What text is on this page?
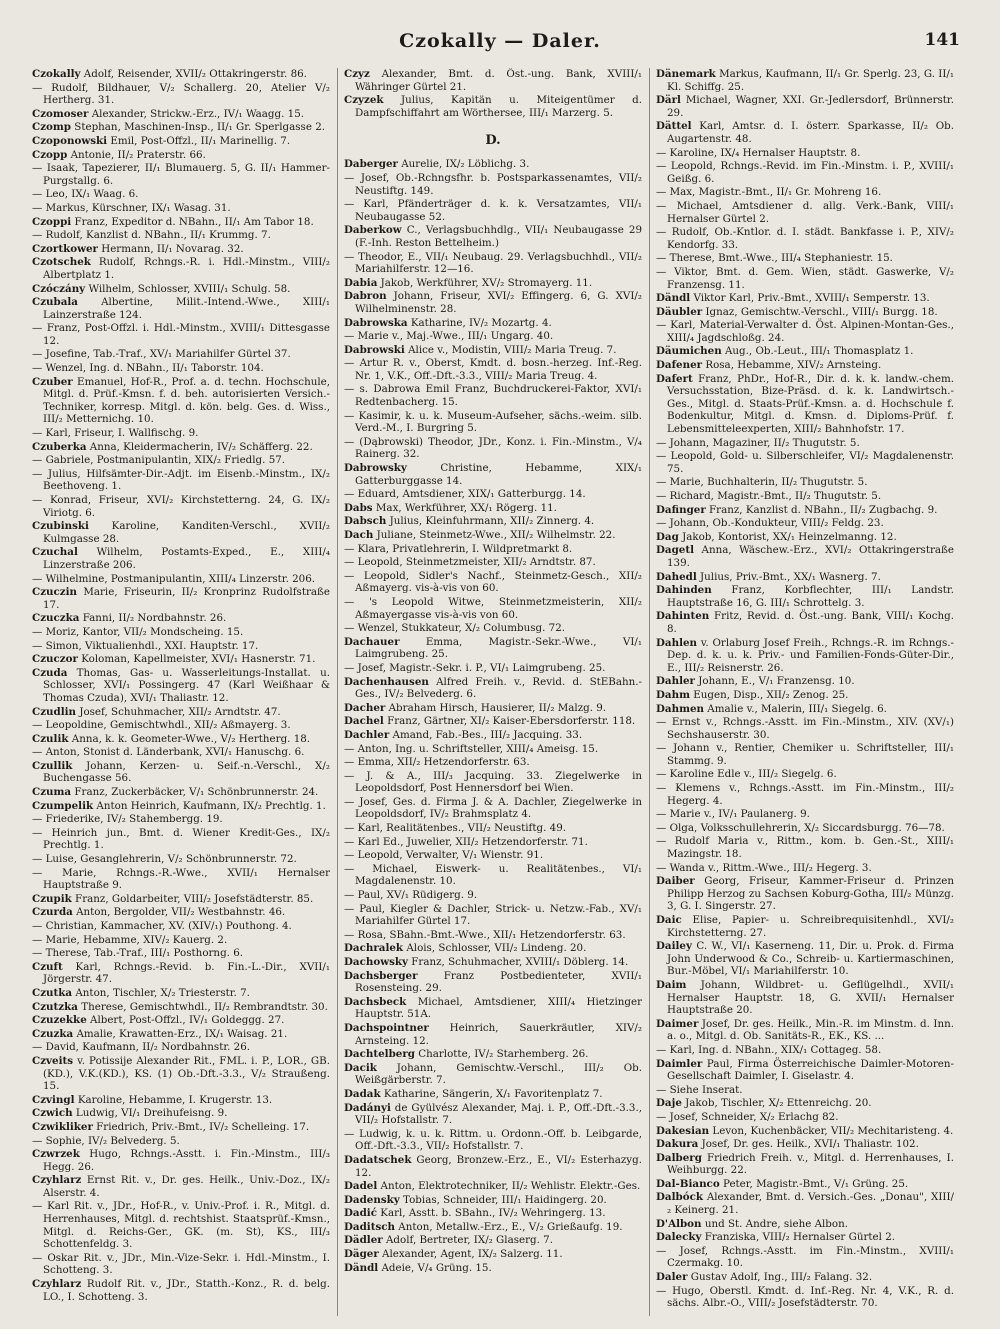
Czokally — Daler.	141
Czokally Adolf, Reisender, XVII/₂ Ottakringerstr. 86.
— Rudolf, Bildhauer, V/₂ Schallerg. 20, Atelier V/₂ Hertherg. 31.
Czomoser Alexander, Strickw.-Erz., IV/₁ Waagg. 15.
Czomp Stephan, Maschinen-Insp., II/₁ Gr. Sperlgasse 2.
Czoponowski Emil, Post-Offzl., II/₁ Marinellig. 7.
Czopp Antonie, II/₂ Praterstr. 66.
— Isaak, Tapezierer, II/₁ Blumauerg. 5, G. II/₁ Hammer-Purgstallg. 6.
— Leo, IX/₁ Waag. 6.
— Markus, Kürschner, IX/₁ Wasag. 31.
Czoppi Franz, Expeditor d. NBahn., II/₁ Am Tabor 18.
— Rudolf, Kanzlist d. NBahn., II/₁ Krummg. 7.
Czortkower Hermann, II/₁ Novarag. 32.
Czotschek Rudolf, Rchngs.-R. i. Hdl.-Minstm., VIII/₂ Albertplatz 1.
Czóczány Wilhelm, Schlosser, XVIII/₁ Schulg. 58.
Czubala Albertine, Milit.-Intend.-Wwe., XIII/₁ Lainzerstraße 124.
— Franz, Post-Offzl. i. Hdl.-Minstm., XVIII/₁ Dittesgasse 12.
— Josefine, Tab.-Traf., XV/₁ Mariahilfer Gürtel 37.
— Wenzel, Ing. d. NBahn., II/₁ Taborstr. 104.
Czuber Emanuel, Hof-R., Prof. a. d. techn. Hochschule, Mitgl. d. Prüf.-Kmsn. f. d. beh. autorisierten Versich.-Techniker, korresp. Mitgl. d. kön. belg. Ges. d. Wiss., III/₂ Metternichg. 10.
— Karl, Friseur, I. Wallfischg. 9.
Czuberka Anna, Kleidermacherin, IV/₂ Schäfferg. 22.
— Gabriele, Postmanipulantin, XIX/₂ Friedlg. 57.
— Julius, Hilfsämter-Dir.-Adjt. im Eisenb.-Minstm., IX/₂ Beethoveng. 1.
— Konrad, Friseur, XVI/₂ Kirchstetterng. 24, G. IX/₂ Viriotg. 6.
Czubinski Karoline, Kanditen-Verschl., XVII/₂ Kulmgasse 28.
Czuchal Wilhelm, Postamts-Exped., E., XIII/₄ Linzerstraße 206.
— Wilhelmine, Postmanipulantin, XIII/₄ Linzerstr. 206.
Czuczin Marie, Friseurin, II/₂ Kronprinz Rudolfstraße 17.
Czuczka Fanni, II/₂ Nordbahnstr. 26.
— Moriz, Kantor, VII/₂ Mondscheing. 15.
— Simon, Viktualienhdl., XXI. Hauptstr. 17.
Czuczor Koloman, Kapellmeister, XVI/₁ Hasnerstr. 71.
Czuda Thomas, Gas- u. Wasserleitungs-Installat. u. Schlosser, XVI/₁ Possingerg. 47 (Karl Weißhaar & Thomas Czuda), XVI/₁ Thaliastr. 12.
Czudlin Josef, Schuhmacher, XII/₂ Arndtstr. 47.
— Leopoldine, Gemischtwhdl., XII/₂ Aßmayerg. 3.
Czulik Anna, k. k. Geometer-Wwe., V/₂ Hertherg. 18.
— Anton, Stonist d. Länderbank, XVI/₁ Hanuschg. 6.
Czullik Johann, Kerzen- u. Seif.-n.-Verschl., X/₂ Buchengasse 56.
Czuma Franz, Zuckerbäcker, V/₁ Schönbrunnerstr. 24.
Czumpelik Anton Heinrich, Kaufmann, IX/₂ Prechtlg. 1.
— Friederike, IV/₂ Stahembergg. 19.
— Heinrich jun., Bmt. d. Wiener Kredit-Ges., IX/₂ Prechtlg. 1.
— Luise, Gesanglehrerin, V/₂ Schönbrunnerstr. 72.
— Marie, Rchngs.-R.-Wwe., XVII/₁ Hernalser Hauptstraße 9.
Czupik Franz, Goldarbeiter, VIII/₂ Josefstädterstr. 85.
Czurda Anton, Bergolder, VII/₂ Westbahnstr. 46.
— Christian, Kammacher, XV. (XIV/₁) Pouthong. 4.
— Marie, Hebamme, XIV/₂ Kauerg. 2.
— Therese, Tab.-Traf., III/₁ Posthorng. 6.
Czuft Karl, Rchngs.-Revid. b. Fin.-L.-Dir., XVII/₁ Jörgerstr. 47.
Czutka Anton, Tischler, X/₂ Triesterstr. 7.
Czutzka Therese, Gemischtwhdl., II/₂ Rembrandtstr. 30.
Czuzekke Albert, Post-Offzl., IV/₁ Goldeggg. 27.
Czuzka Amalie, Krawatten-Erz., IX/₁ Waisag. 21.
— David, Kaufmann, II/₂ Nordbahnstr. 26.
Czveits v. Potissije Alexander Rit., FML. i. P., LOR., GB.(KD.), V.K.(KD.), KS. (1) Ob.-Dft.-3.3., V/₂ Straußeng. 15.
Czvingl Karoline, Hebamme, I. Krugerstr. 13.
Czwich Ludwig, VI/₁ Dreihufeisng. 9.
Czwikliker Friedrich, Priv.-Bmt., IV/₂ Schelleing. 17.
— Sophie, IV/₂ Belvederg. 5.
Czwrzek Hugo, Rchngs.-Asstt. i. Fin.-Minstm., III/₃ Hegg. 26.
Czyhlarz Ernst Rit. v., Dr. ges. Heilk., Univ.-Doz., IX/₂ Alserstr. 4.
— Karl Rit. v., JDr., Hof-R., v. Univ.-Prof. i. R., Mitgl. d. Herrenhauses, Mitgl. d. rechtshist. Staatsprüf.-Kmsn., Mitgl. d. Reichs-Ger., GK. (m. St), KS., III/₃ Schottenfeldg. 3.
— Oskar Rit. v., JDr., Min.-Vize-Sekr. i. Hdl.-Minstm., I. Schotteng. 3.
Czyhlarz Rudolf Rit. v., JDr., Statth.-Konz., R. d. belg. LO., I. Schotteng. 3.
Czyz Alexander, Bmt. d. Öst.-ung. Bank, XVIII/₁ Währinger Gürtel 21.
Czyzek Julius, Kapitän u. Miteigentümer d. Dampfschiffahrt am Wörthersee, III/₁ Marzerg. 5.
D.
Daberger Aurelie, IX/₂ Löblichg. 3.
— Josef, Ob.-Rchngsfhr. b. Postsparkassenamtes, VII/₂ Neustiftg. 149.
— Karl, Pfänderträger d. k. k. Versatzamtes, VII/₁ Neubaugasse 52.
Daberkow C., Verlagsbuchhdlg., VII/₁ Neubaugasse 29 (F.-Inh. Reston Bettelheim.)
— Theodor, E., VII/₁ Neubaug. 29. Verlagsbuchhdl., VII/₂ Mariahilferstr. 12—16.
Dabia Jakob, Werkführer, XV/₂ Stromayerg. 11.
Dabron Johann, Friseur, XVI/₂ Effingerg. 6, G. XVI/₂ Wilhelminenstr. 28.
Dabrowska Katharine, IV/₂ Mozartg. 4.
— Marie v., Maj.-Wwe., III/₁ Ungarg. 40.
Dabrowski Alice v., Modistin, VIII/₂ Maria Treug. 7.
— Artur R. v., Oberst, Kmdt. d. bosn.-herzeg. Inf.-Reg. Nr. 1, V.K., Off.-Dft.-3.3., VIII/₂ Maria Treug. 4.
— s. Dabrowa Emil Franz, Buchdruckerei-Faktor, XVI/₁ Redtenbacherg. 15.
— Kasimir, k. u. k. Museum-Aufseher, sächs.-weim. silb. Verd.-M., I. Burgring 5.
— (Dąbrowski) Theodor, JDr., Konz. i. Fin.-Minstm., V/₄ Rainerg. 32.
Dabrowsky Christine, Hebamme, XIX/₁ Gatterburggasse 14.
— Eduard, Amtsdiener, XIX/₁ Gatterburgg. 14.
Dabs Max, Werkführer, XX/₁ Rögerg. 11.
Dabsch Julius, Kleinfuhrmann, XII/₂ Zinnerg. 4.
Dach Juliane, Steinmetz-Wwe., XII/₂ Wilhelmstr. 22.
— Klara, Privatlehrerin, I. Wildpretmarkt 8.
— Leopold, Steinmetzmeister, XII/₂ Arndtstr. 87.
— Leopold, Sidler's Nachf., Steinmetz-Gesch., XII/₂ Aßmayerg. vis-à-vis von 60.
— 's Leopold Witwe, Steinmetzmeisterin, XII/₂ Aßmayergasse vis-à-vis von 60.
— Wenzel, Stukkateur, X/₂ Columbusg. 72.
Dachauer Emma, Magistr.-Sekr.-Wwe., VI/₁ Laimgrubeng. 25.
— Josef, Magistr.-Sekr. i. P., VI/₁ Laimgrubeng. 25.
Dachenhausen Alfred Freih. v., Revid. d. StEBahn.-Ges., IV/₂ Belvederg. 6.
Dacher Abraham Hirsch, Hausierer, II/₂ Malzg. 9.
Dachel Franz, Gärtner, XI/₂ Kaiser-Ebersdorferstr. 118.
Dachler Amand, Fab.-Bes., III/₂ Jacquing. 33.
— Anton, Ing. u. Schriftsteller, XIII/₄ Ameisg. 15.
— Emma, XII/₂ Hetzendorferstr. 63.
— J. & A., III/₃ Jacquing. 33. Ziegelwerke in Leopoldsdorf, Post Hennersdorf bei Wien.
— Josef, Ges. d. Firma J. & A. Dachler, Ziegelwerke in Leopoldsdorf, IV/₂ Brahmsplatz 4.
— Karl, Realitätenbes., VII/₂ Neustiftg. 49.
— Karl Ed., Juwelier, XII/₂ Hetzendorferstr. 71.
— Leopold, Verwalter, V/₁ Wienstr. 91.
— Michael, Eiswerk- u. Realitätenbes., VI/₁ Magdalenenstr. 10.
— Paul, XV/₁ Rüdigerg. 9.
— Paul, Kiegler & Dachler, Strick- u. Netzw.-Fab., XV/₁ Mariahilfer Gürtel 17.
— Rosa, SBahn.-Bmt.-Wwe., XII/₁ Hetzendorferstr. 63.
Dachralek Alois, Schlosser, VII/₂ Lindeng. 20.
Dachowsky Franz, Schuhmacher, XVIII/₁ Döblerg. 14.
Dachsberger Franz Postbedienteter, XVII/₁ Rosensteing. 29.
Dachsbeck Michael, Amtsdiener, XIII/₄ Hietzinger Hauptstr. 51A.
Dachspointner Heinrich, Sauerkräutler, XIV/₂ Arnsteing. 12.
Dachtelberg Charlotte, IV/₂ Starhemberg. 26.
Dacik Johann, Gemischtw.-Verschl., III/₂ Ob. Weißgärberstr. 7.
Dadak Katharine, Sängerin, X/₁ Favoritenplatz 7.
Dadányi de Gyülvész Alexander, Maj. i. P., Off.-Dft.-3.3., VII/₂ Hofstallstr. 7.
— Ludwig, k. u. k. Rittm. u. Ordonn.-Off. b. Leibgarde, Off.-Dft.-3.3., VII/₂ Hofstallstr. 7.
Dadatschek Georg, Bronzew.-Erz., E., VI/₂ Esterhazyg. 12.
Dadel Anton, Elektrotechniker, II/₂ Wehlistr. Elektr.-Ges.
Dadensky Tobias, Schneider, III/₁ Haidingerg. 20.
Dadić Karl, Asstt. b. SBahn., IV/₂ Wehringerg. 13.
Daditsch Anton, Metallw.-Erz., E., V/₂ Grießaufg. 19.
Dädler Adolf, Bertreter, IX/₂ Glaserg. 7.
Däger Alexander, Agent, IX/₂ Salzerg. 11.
Dändl Adeie, V/₄ Grüng. 15.
Dänemark Markus, Kaufmann, II/₁ Gr. Sperlg. 23, G. II/₁ Kl. Schiffg. 25.
Därl Michael, Wagner, XXI. Gr.-Jedlersdorf, Brünnerstr. 29.
Dättel Karl, Amtsr. d. I. österr. Sparkasse, II/₂ Ob. Augartenstr. 48.
— Karoline, IX/₄ Hernalser Hauptstr. 8.
— Leopold, Rchngs.-Revid. im Fin.-Minstm. i. P., XVIII/₁ Geißg. 6.
— Max, Magistr.-Bmt., II/₁ Gr. Mohreng 16.
— Michael, Amtsdiener d. allg. Verk.-Bank, VIII/₁ Hernalser Gürtel 2.
— Rudolf, Ob.-Kntlor. d. I. städt. Bankfasse i. P., XIV/₂ Kendorfg. 33.
— Therese, Bmt.-Wwe., III/₄ Stephaniestr. 15.
— Viktor, Bmt. d. Gem. Wien, städt. Gaswerke, V/₂ Franzensg. 11.
Dändl Viktor Karl, Priv.-Bmt., XVIII/₁ Semperstr. 13.
Däubler Ignaz, Gemischtw.-Verschl., VIII/₁ Burgg. 18.
— Karl, Material-Verwalter d. Öst. Alpinen-Montan-Ges., XIII/₄ Jagdschloßg. 24.
Däumichen Aug., Ob.-Leut., III/₁ Thomasplatz 1.
Dafener Rosa, Hebamme, XIV/₂ Arnsteing.
Dafert Franz, PhDr., Hof-R., Dir. d. k. k. landw.-chem. Versuchsstation, Bize-Präsd. d. k. k. Landwirtsch.-Ges., Mitgl. d. Staats-Prüf.-Kmsn. a. d. Hochschule f. Bodenkultur, Mitgl. d. Kmsn. d. Diploms-Prüf. f. Lebensmitteleexperten, XIII/₂ Bahnhofstr. 17.
— Johann, Magaziner, II/₂ Thugutstr. 5.
— Leopold, Gold- u. Silberschleifer, VI/₂ Magdalenenstr. 75.
— Marie, Buchhalterin, II/₂ Thugutstr. 5.
— Richard, Magistr.-Bmt., II/₂ Thugutstr. 5.
Dafinger Franz, Kanzlist d. NBahn., II/₂ Zugbachg. 9.
— Johann, Ob.-Kondukteur, VIII/₂ Feldg. 23.
Dag Jakob, Kontorist, XX/₁ Heinzelmanng. 12.
Dagetl Anna, Wäschew.-Erz., XVI/₂ Ottakringerstraße 139.
Dahedl Julius, Priv.-Bmt., XX/₁ Wasnerg. 7.
Dahinden Franz, Korbflechter, III/₁ Landstr. Hauptstraße 16, G. III/₁ Schrottelg. 3.
Dahinten Fritz, Revid. d. Öst.-ung. Bank, VIII/₁ Kochg. 8.
Dahlen v. Orlaburg Josef Freih., Rchngs.-R. im Rchngs.-Dep. d. k. u. k. Priv.- und Familien-Fonds-Güter-Dir., E., III/₂ Reisnerstr. 26.
Dahler Johann, E., V/₁ Franzensg. 10.
Dahm Eugen, Disp., XII/₂ Zenog. 25.
Dahmen Amalie v., Malerin, III/₁ Siegelg. 6.
— Ernst v., Rchngs.-Asstt. im Fin.-Minstm., XIV. (XV/₁) Sechshauserstr. 30.
— Johann v., Rentier, Chemiker u. Schriftsteller, III/₁ Stammg. 9.
— Karoline Edle v., III/₂ Siegelg. 6.
— Klemens v., Rchngs.-Asstt. im Fin.-Minstm., III/₂ Hegerg. 4.
— Marie v., IV/₁ Paulanerg. 9.
— Olga, Volksschullehrerin, X/₂ Siccardsburgg. 76—78.
— Rudolf Maria v., Rittm., kom. b. Gen.-St., XIII/₁ Mazingstr. 18.
— Wanda v., Rittm.-Wwe., III/₂ Hegerg. 3.
Daiber Georg, Friseur, Kammer-Friseur d. Prinzen Philipp Herzog zu Sachsen Koburg-Gotha, III/₂ Münzg. 3, G. I. Singerstr. 27.
Daic Elise, Papier- u. Schreibrequisitenhdl., XVI/₂ Kirchstetterng. 27.
Dailey C. W., VI/₁ Kaserneng. 11, Dir. u. Prok. d. Firma John Underwood & Co., Schreib- u. Kartiermaschinen, Bur.-Möbel, VI/₁ Mariahilferstr. 10.
Daim Johann, Wildbret- u. Geflügelhdl., XVII/₁ Hernalser Hauptstr. 18, G. XVII/₁ Hernalser Hauptstraße 20.
Daimer Josef, Dr. ges. Heilk., Min.-R. im Minstm. d. Inn. a. o., Mitgl. d. Ob. Sanitäts-R., EK., KS. ...
— Karl, Ing. d. NBahn., XIX/₁ Cottageg. 58.
Daimler Paul, Firma Österreichische Daimler-Motoren-Gesellschaft Daimler, I. Giselastr. 4.
— Siehe Inserat.
Daje Jakob, Tischler, X/₂ Ettenreichg. 20.
— Josef, Schneider, X/₂ Erlachg 82.
Dakesian Levon, Kuchenbäcker, VII/₂ Mechitaristeng. 4.
Dakura Josef, Dr. ges. Heilk., XVI/₁ Thaliastr. 102.
Dalberg Friedrich Freih. v., Mitgl. d. Herrenhauses, I. Weihburgg. 22.
Dal-Bianco Peter, Magistr.-Bmt., V/₁ Grüng. 25.
Dalbóck Alexander, Bmt. d. Versich.-Ges. „Donau", XIII/₂ Keinerg. 21.
D'Albon und St. Andre, siehe Albon.
Dalecky Franziska, VIII/₂ Hernalser Gürtel 2.
— Josef, Rchngs.-Asstt. im Fin.-Minstm., XVIII/₁ Czermakg. 10.
Daler Gustav Adolf, Ing., III/₂ Falang. 32.
— Hugo, Oberstl. Kmdt. d. Inf.-Reg. Nr. 4, V.K., R. d. sächs. Albr.-O., VIII/₂ Josefstädterstr. 70.
